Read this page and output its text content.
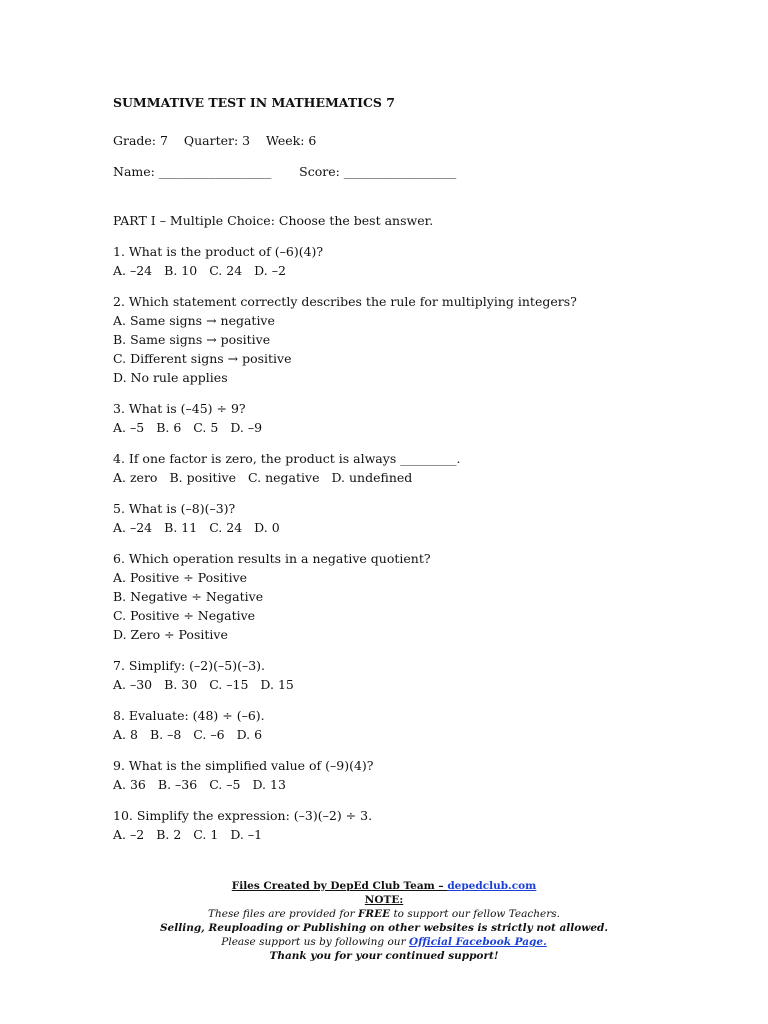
SUMMATIVE TEST IN MATHEMATICS 7

Grade: 7 Quarter: 3 Week: 6

Name: __________________ Score: __________________

PART I – Multiple Choice: Choose the best answer.

1. What is the product of (–6)(4)?

A. –24 B. 10 C. 24 D. –2

2. Which statement correctly describes the rule for multiplying integers?

A. Same signs → negative

B. Same signs → positive

C. Different signs → positive

D. No rule applies

3. What is (–45) ÷ 9?

A. –5 B. 6 C. 5 D. –9

4. If one factor is zero, the product is always _________.

A. zero B. positive C. negative D. undefined

5. What is (–8)(–3)?

A. –24 B. 11 C. 24 D. 0

6. Which operation results in a negative quotient?

A. Positive ÷ Positive

B. Negative ÷ Negative

C. Positive ÷ Negative

D. Zero ÷ Positive

7. Simplify: (–2)(–5)(–3).

A. –30 B. 30 C. –15 D. 15

8. Evaluate: (48) ÷ (–6).

A. 8 B. –8 C. –6 D. 6

9. What is the simplified value of (–9)(4)?

A. 36 B. –36 C. –5 D. 13

10. Simplify the expression: (–3)(–2) ÷ 3.

A. –2 B. 2 C. 1 D. –1

Files Created by DepEd Club Team – depedclub.com
NOTE:
These files are provided for FREE to support our fellow Teachers.
Selling, Reuploading or Publishing on other websites is strictly not allowed.
Please support us by following our Official Facebook Page.
Thank you for your continued support!
